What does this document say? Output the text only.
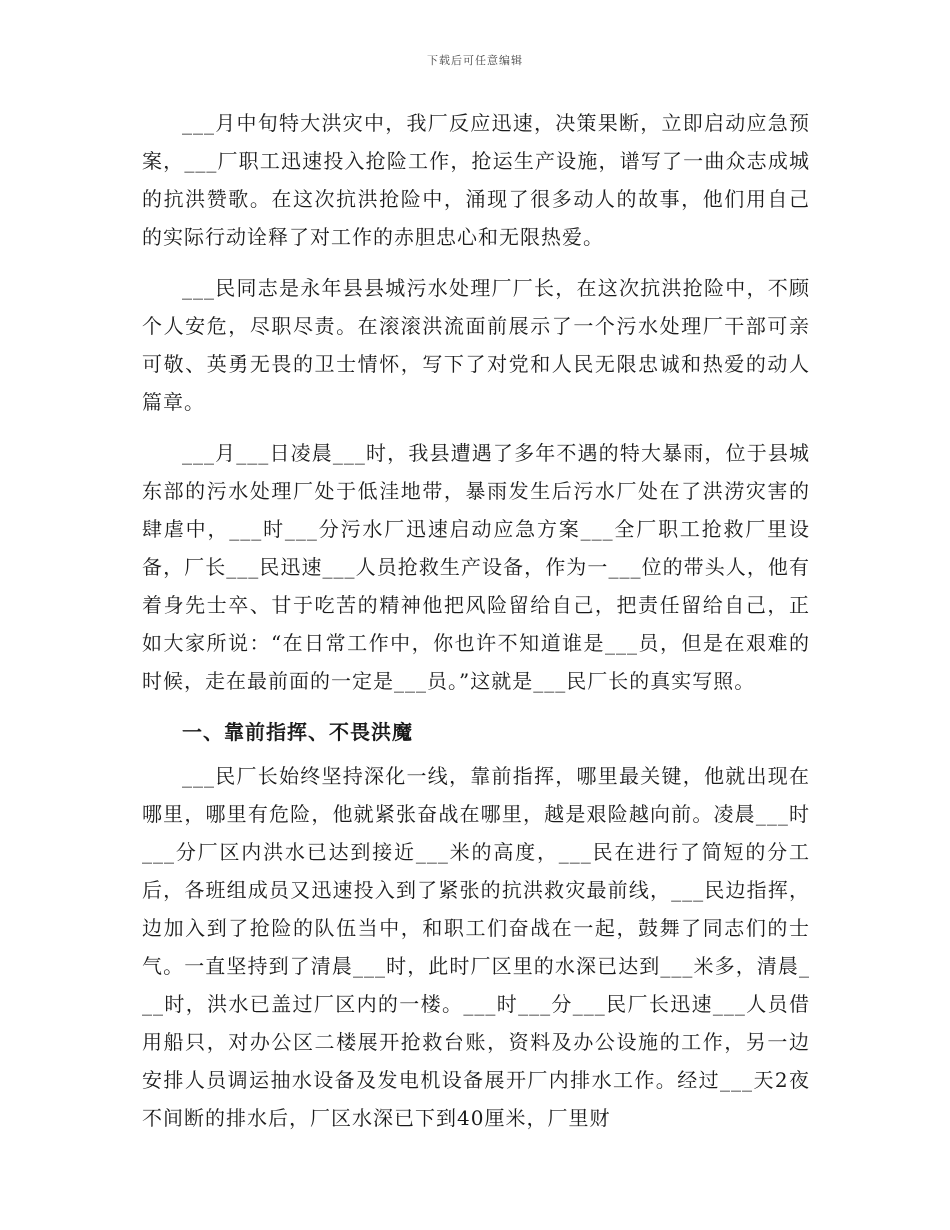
下载后可任意编辑

___月中旬特大洪灾中，我厂反应迅速，决策果断，立即启动应急预案，___厂职工迅速投入抢险工作，抢运生产设施，谱写了一曲众志成城的抗洪赞歌。在这次抗洪抢险中，涌现了很多动人的故事，他们用自己的实际行动诠释了对工作的赤胆忠心和无限热爱。

___民同志是永年县县城污水处理厂厂长，在这次抗洪抢险中，不顾个人安危，尽职尽责。在滚滚洪流面前展示了一个污水处理厂干部可亲可敬、英勇无畏的卫士情怀，写下了对党和人民无限忠诚和热爱的动人篇章。

___月___日凌晨___时，我县遭遇了多年不遇的特大暴雨，位于县城东部的污水处理厂处于低洼地带，暴雨发生后污水厂处在了洪涝灾害的肆虐中，___时___分污水厂迅速启动应急方案___全厂职工抢救厂里设备，厂长___民迅速___人员抢救生产设备，作为一___位的带头人，他有着身先士卒、甘于吃苦的精神他把风险留给自己，把责任留给自己，正如大家所说：“在日常工作中，你也许不知道谁是___员，但是在艰难的时候，走在最前面的一定是___员。”这就是___民厂长的真实写照。

一、靠前指挥、不畏洪魔

___民厂长始终坚持深化一线，靠前指挥，哪里最关键，他就出现在哪里，哪里有危险，他就紧张奋战在哪里，越是艰险越向前。凌晨___时___分厂区内洪水已达到接近___米的高度，___民在进行了简短的分工后，各班组成员又迅速投入到了紧张的抗洪救灾最前线，___民边指挥，边加入到了抢险的队伍当中，和职工们奋战在一起，鼓舞了同志们的士气。一直坚持到了清晨___时，此时厂区里的水深已达到___米多，清晨___时，洪水已盖过厂区内的一楼。___时___分___民厂长迅速___人员借用船只，对办公区二楼展开抢救台账，资料及办公设施的工作，另一边安排人员调运抽水设备及发电机设备展开厂内排水工作。经过___天2夜不间断的排水后，厂区水深已下到40厘米，厂里财
